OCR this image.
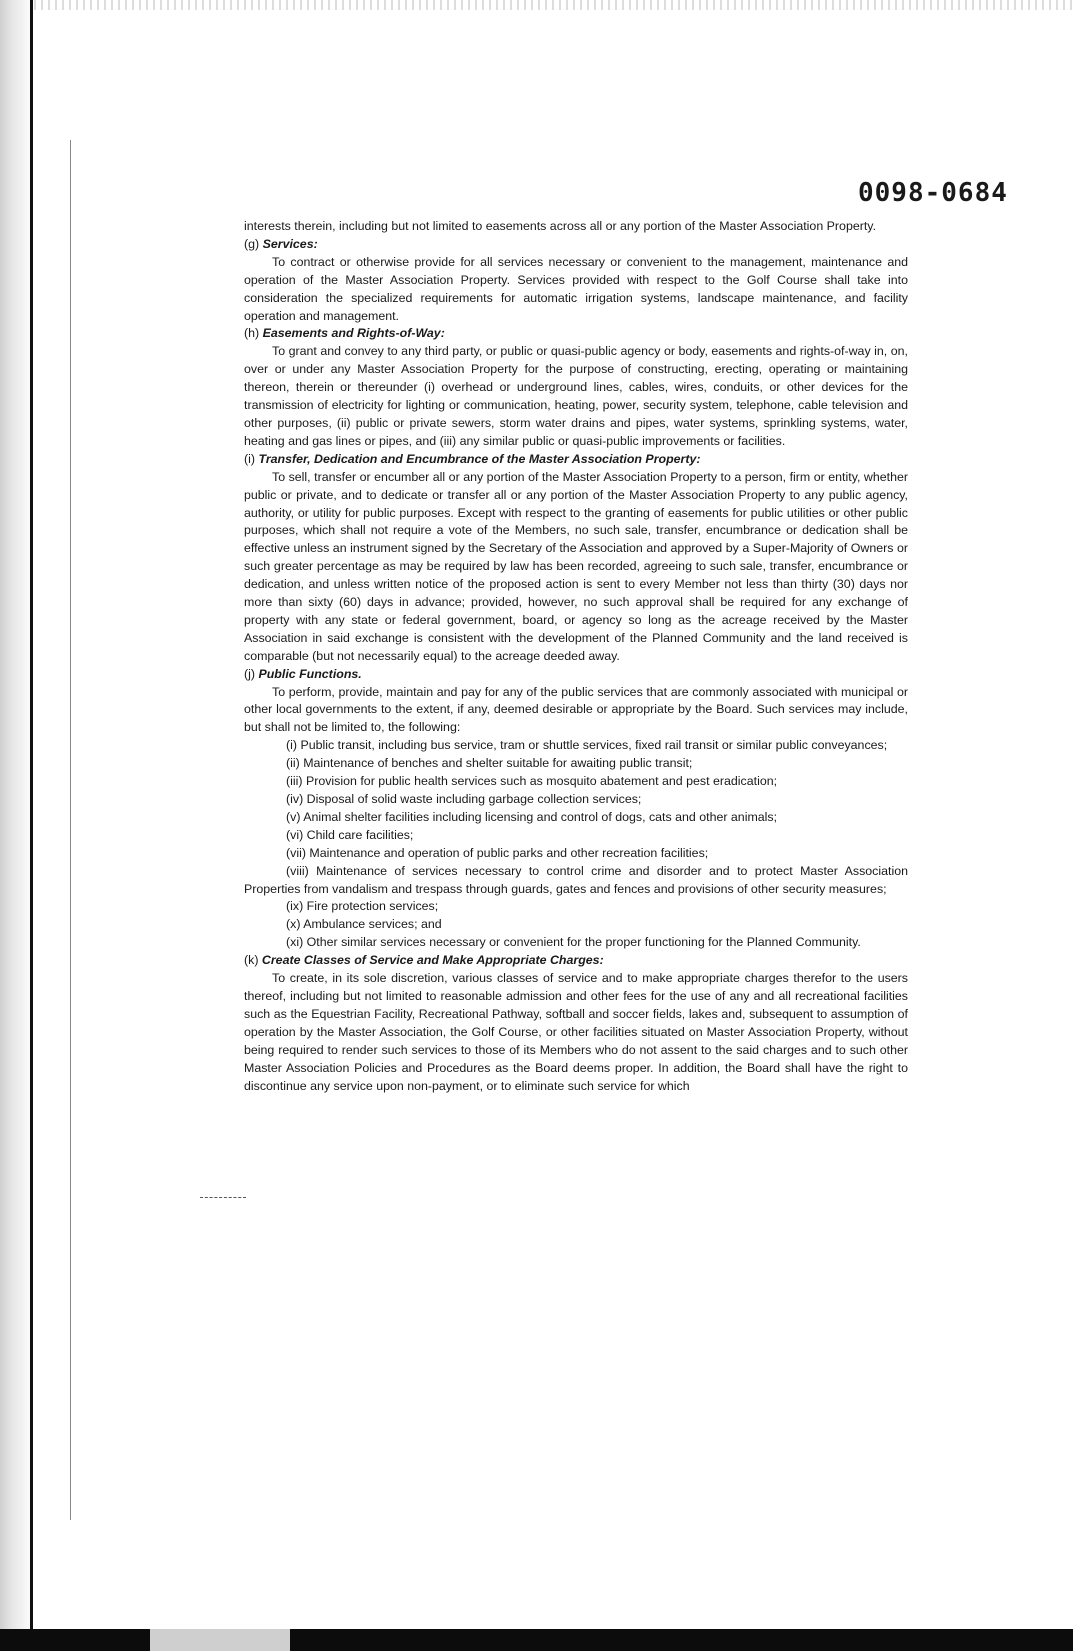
0098-0684

interests therein, including but not limited to easements across all or any portion of the Master Association Property.

(g) Services:

To contract or otherwise provide for all services necessary or convenient to the management, maintenance and operation of the Master Association Property. Services provided with respect to the Golf Course shall take into consideration the specialized requirements for automatic irrigation systems, landscape maintenance, and facility operation and management.

(h) Easements and Rights-of-Way:

To grant and convey to any third party, or public or quasi-public agency or body, easements and rights-of-way in, on, over or under any Master Association Property for the purpose of constructing, erecting, operating or maintaining thereon, therein or thereunder (i) overhead or underground lines, cables, wires, conduits, or other devices for the transmission of electricity for lighting or communication, heating, power, security system, telephone, cable television and other purposes, (ii) public or private sewers, storm water drains and pipes, water systems, sprinkling systems, water, heating and gas lines or pipes, and (iii) any similar public or quasi-public improvements or facilities.

(i) Transfer, Dedication and Encumbrance of the Master Association Property:

To sell, transfer or encumber all or any portion of the Master Association Property to a person, firm or entity, whether public or private, and to dedicate or transfer all or any portion of the Master Association Property to any public agency, authority, or utility for public purposes. Except with respect to the granting of easements for public utilities or other public purposes, which shall not require a vote of the Members, no such sale, transfer, encumbrance or dedication shall be effective unless an instrument signed by the Secretary of the Association and approved by a Super-Majority of Owners or such greater percentage as may be required by law has been recorded, agreeing to such sale, transfer, encumbrance or dedication, and unless written notice of the proposed action is sent to every Member not less than thirty (30) days nor more than sixty (60) days in advance; provided, however, no such approval shall be required for any exchange of property with any state or federal government, board, or agency so long as the acreage received by the Master Association in said exchange is consistent with the development of the Planned Community and the land received is comparable (but not necessarily equal) to the acreage deeded away.

(j) Public Functions.

To perform, provide, maintain and pay for any of the public services that are commonly associated with municipal or other local governments to the extent, if any, deemed desirable or appropriate by the Board. Such services may include, but shall not be limited to, the following:

(i) Public transit, including bus service, tram or shuttle services, fixed rail transit or similar public conveyances;

(ii) Maintenance of benches and shelter suitable for awaiting public transit;

(iii) Provision for public health services such as mosquito abatement and pest eradication;

(iv) Disposal of solid waste including garbage collection services;

(v) Animal shelter facilities including licensing and control of dogs, cats and other animals;

(vi) Child care facilities;

(vii) Maintenance and operation of public parks and other recreation facilities;

(viii) Maintenance of services necessary to control crime and disorder and to protect Master Association Properties from vandalism and trespass through guards, gates and fences and provisions of other security measures;

(ix) Fire protection services;

(x) Ambulance services; and

(xi) Other similar services necessary or convenient for the proper functioning for the Planned Community.

(k) Create Classes of Service and Make Appropriate Charges:

To create, in its sole discretion, various classes of service and to make appropriate charges therefor to the users thereof, including but not limited to reasonable admission and other fees for the use of any and all recreational facilities such as the Equestrian Facility, Recreational Pathway, softball and soccer fields, lakes and, subsequent to assumption of operation by the Master Association, the Golf Course, or other facilities situated on Master Association Property, without being required to render such services to those of its Members who do not assent to the said charges and to such other Master Association Policies and Procedures as the Board deems proper. In addition, the Board shall have the right to discontinue any service upon non-payment, or to eliminate such service for which
